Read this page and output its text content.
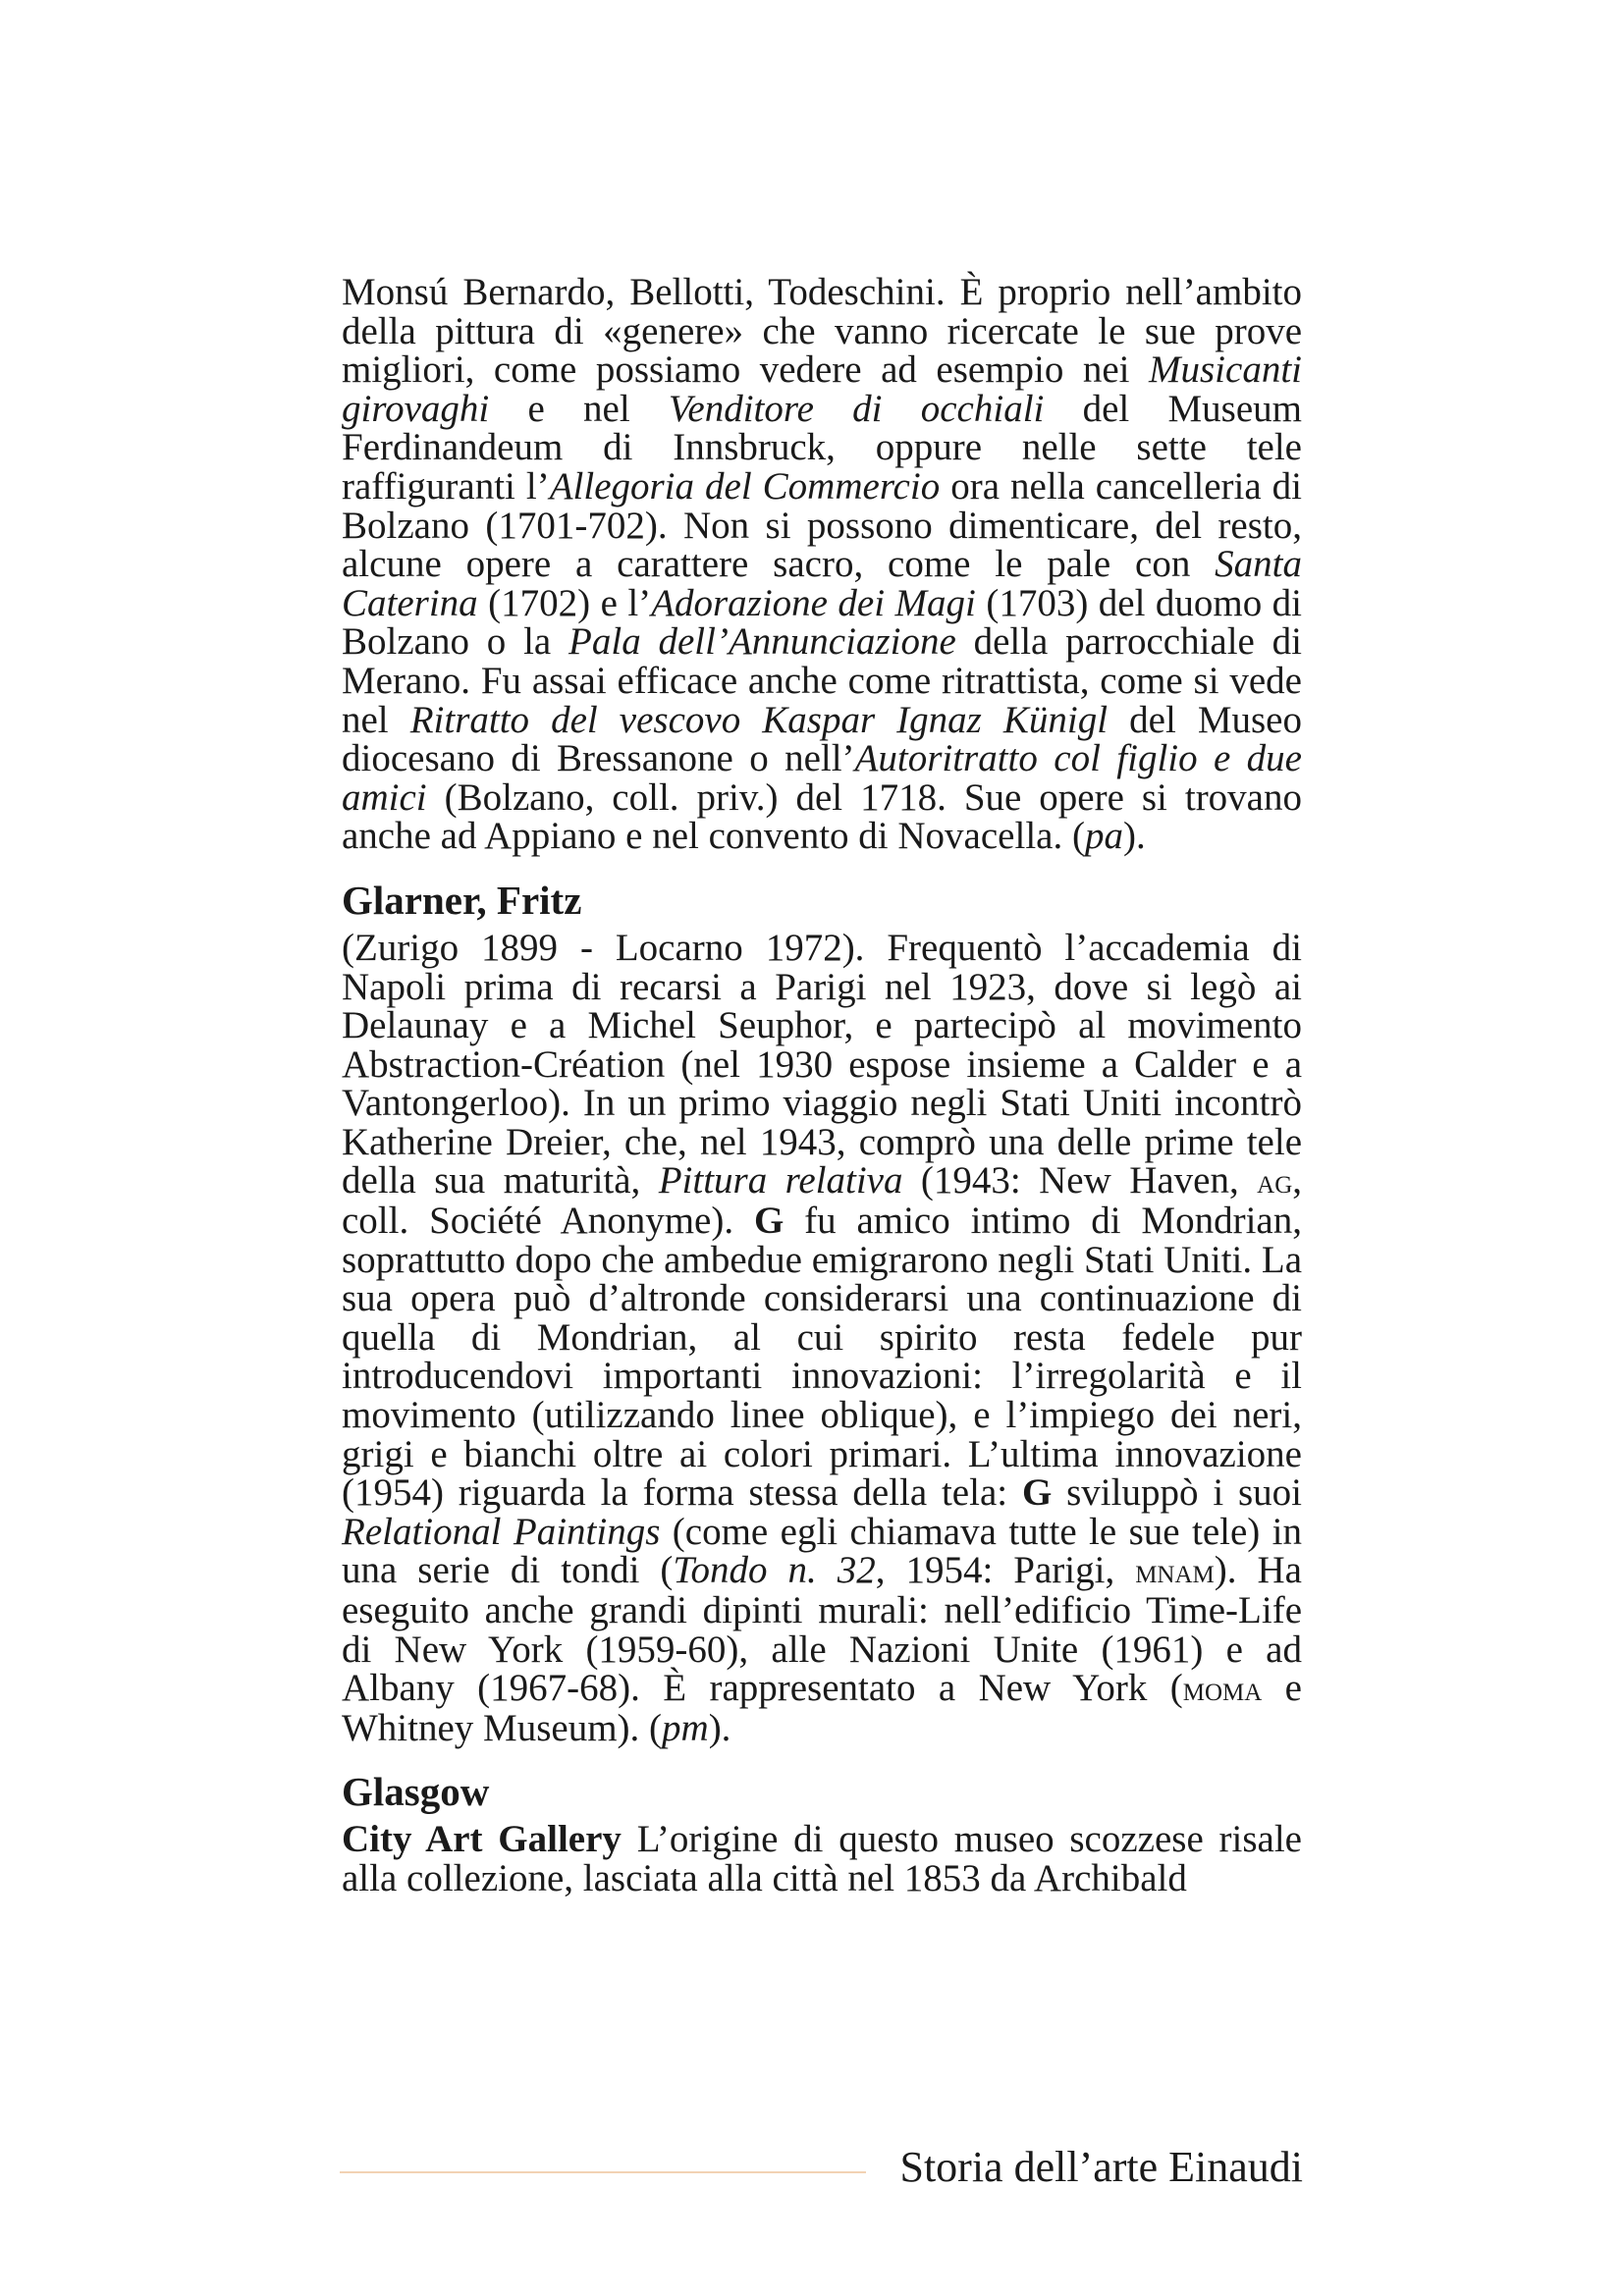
Monsú Bernardo, Bellotti, Todeschini. È proprio nell’ambito della pittura di «genere» che vanno ricercate le sue prove migliori, come possiamo vedere ad esempio nei Musicanti girovaghi e nel Venditore di occhiali del Museum Ferdinandeum di Innsbruck, oppure nelle sette tele raffiguranti l’Allegoria del Commercio ora nella cancelleria di Bolzano (1701-702). Non si possono dimenticare, del resto, alcune opere a carattere sacro, come le pale con Santa Caterina (1702) e l’Adorazione dei Magi (1703) del duomo di Bolzano o la Pala dell’Annunciazione della parrocchiale di Merano. Fu assai efficace anche come ritrattista, come si vede nel Ritratto del vescovo Kaspar Ignaz Künigl del Museo diocesano di Bressanone o nell’Autoritratto col figlio e due amici (Bolzano, coll. priv.) del 1718. Sue opere si trovano anche ad Appiano e nel convento di Novacella. (pa).

Glarner, Fritz

(Zurigo 1899 - Locarno 1972). Frequentò l’accademia di Napoli prima di recarsi a Parigi nel 1923, dove si legò ai Delaunay e a Michel Seuphor, e partecipò al movimento Abstraction-Création (nel 1930 espose insieme a Calder e a Vantongerloo). In un primo viaggio negli Stati Uniti incontrò Katherine Dreier, che, nel 1943, comprò una delle prime tele della sua maturità, Pittura relativa (1943: New Haven, ag, coll. Société Anonyme). G fu amico intimo di Mondrian, soprattutto dopo che ambedue emigrarono negli Stati Uniti. La sua opera può d’altronde considerarsi una continuazione di quella di Mondrian, al cui spirito resta fedele pur introducendovi importanti innovazioni: l’irregolarità e il movimento (utilizzando linee oblique), e l’impiego dei neri, grigi e bianchi oltre ai colori primari. L’ultima innovazione (1954) riguarda la forma stessa della tela: G sviluppò i suoi Relational Paintings (come egli chiamava tutte le sue tele) in una serie di tondi (Tondo n. 32, 1954: Parigi, mnam). Ha eseguito anche grandi dipinti murali: nell’edificio Time-Life di New York (1959-60), alle Nazioni Unite (1961) e ad Albany (1967-68). È rappresentato a New York (moma e Whitney Museum). (pm).

Glasgow

City Art Gallery L’origine di questo museo scozzese risale alla collezione, lasciata alla città nel 1853 da Archibald

Storia dell’arte Einaudi
